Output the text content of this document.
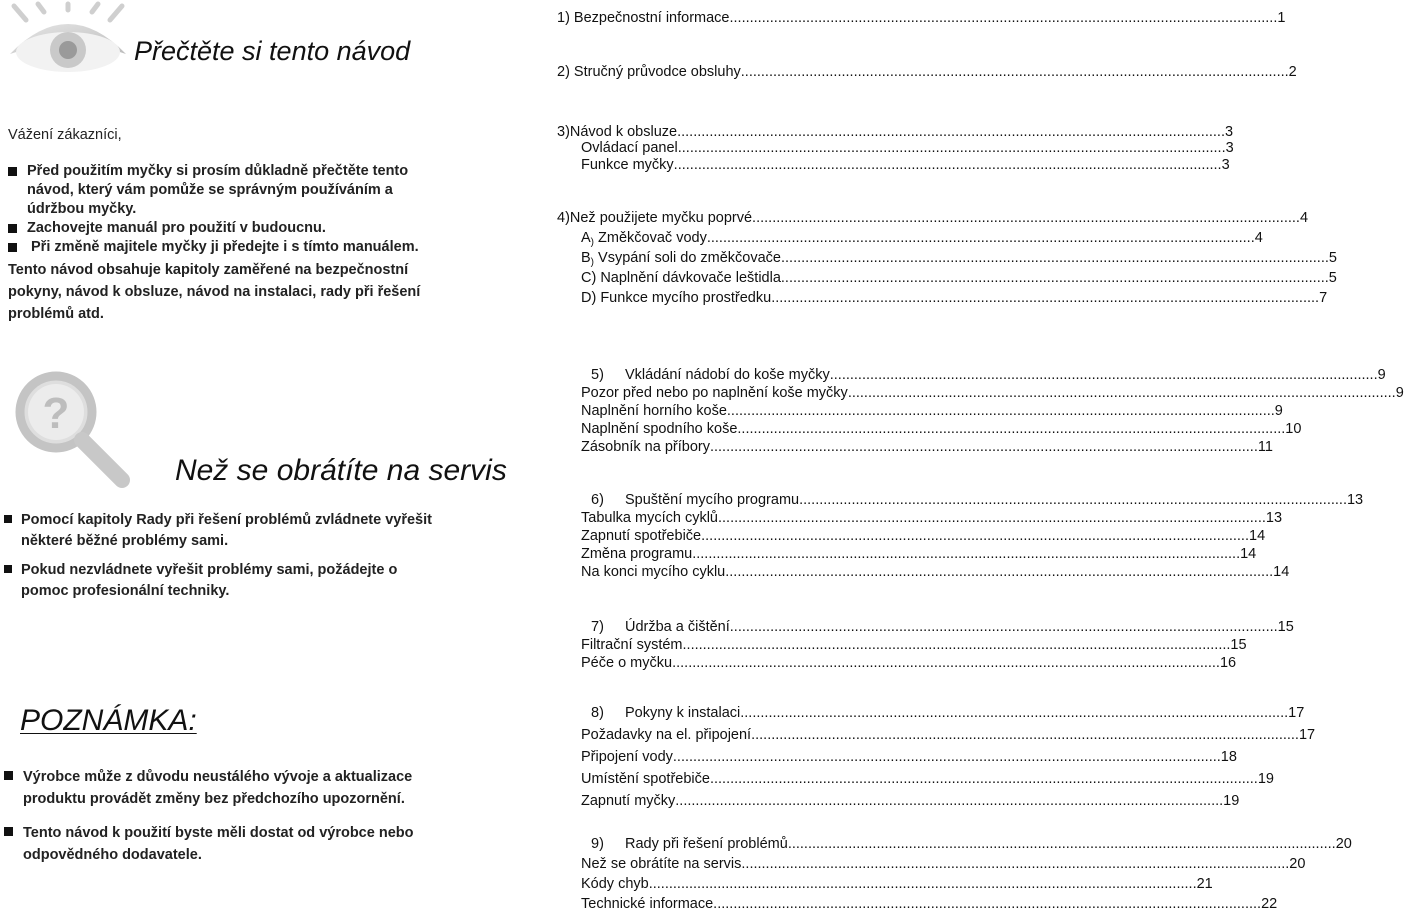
Přečtěte si tento návod
1) Bezpečnostní informace .....	1
2) Stručný průvodce obsluhy .....	2
Vážení zákazníci,
Před použitím myčky si prosím důkladně přečtěte tento návod, který vám pomůže se správným používáním a údržbou myčky.
Zachovejte manuál pro použití v budoucnu.
Při změně majitele myčky ji předejte i s tímto manuálem.
Tento návod obsahuje kapitoly zaměřené na bezpečnostní pokyny, návod k obsluze, návod na instalaci, rady při řešení problémů atd.
3)Návod k obsluze .....	3
Ovládací panel .....	3
Funkce myčky .....	3
4)Než použijete myčku poprvé .....	4
$A_)$ Změkčovač vody .....	4
$B_)$ Vsypání soli do změkčovače .....	5
C) Naplnění dávkovače leštidla .....	5
D) Funkce mycího prostředku .....	7
?
Než se obrátíte na servis
Pomocí kapitoly Rady při řešení problémů zvládnete vyřešit některé běžné problémy sami.
Pokud nezvládnete vyřešit problémy sami, požádejte o pomoc profesionální techniky.
POZNÁMKA:
Výrobce může z důvodu neustálého vývoje a aktualizace produktu provádět změny bez předchozího upozornění.
Tento návod k použití byste měli dostat od výrobce nebo odpovědného dodavatele.
5) Vkládání nádobí do koše myčky .....	9
Pozor před nebo po naplnění koše myčky .....	9
Naplnění horního koše .....	9
Naplnění spodního koše .....	10
Zásobník na příbory .....	11
6) Spuštění mycího programu .....	13
Tabulka mycích cyklů .....	13
Zapnutí spotřebiče .....	14
Změna programu .....	14
Na konci mycího cyklu .....	14
7) Údržba a čištění .....	15
Filtrační systém .....	15
Péče o myčku .....	16
8) Pokyny k instalaci .....	17
Požadavky na el. připojení .....	17
Připojení vody .....	18
Umístění spotřebiče .....	19
Zapnutí myčky .....	19
9) Rady při řešení problémů .....	20
Než se obrátíte na servis .....	20
Kódy chyb .....	21
Technické informace .....	22
